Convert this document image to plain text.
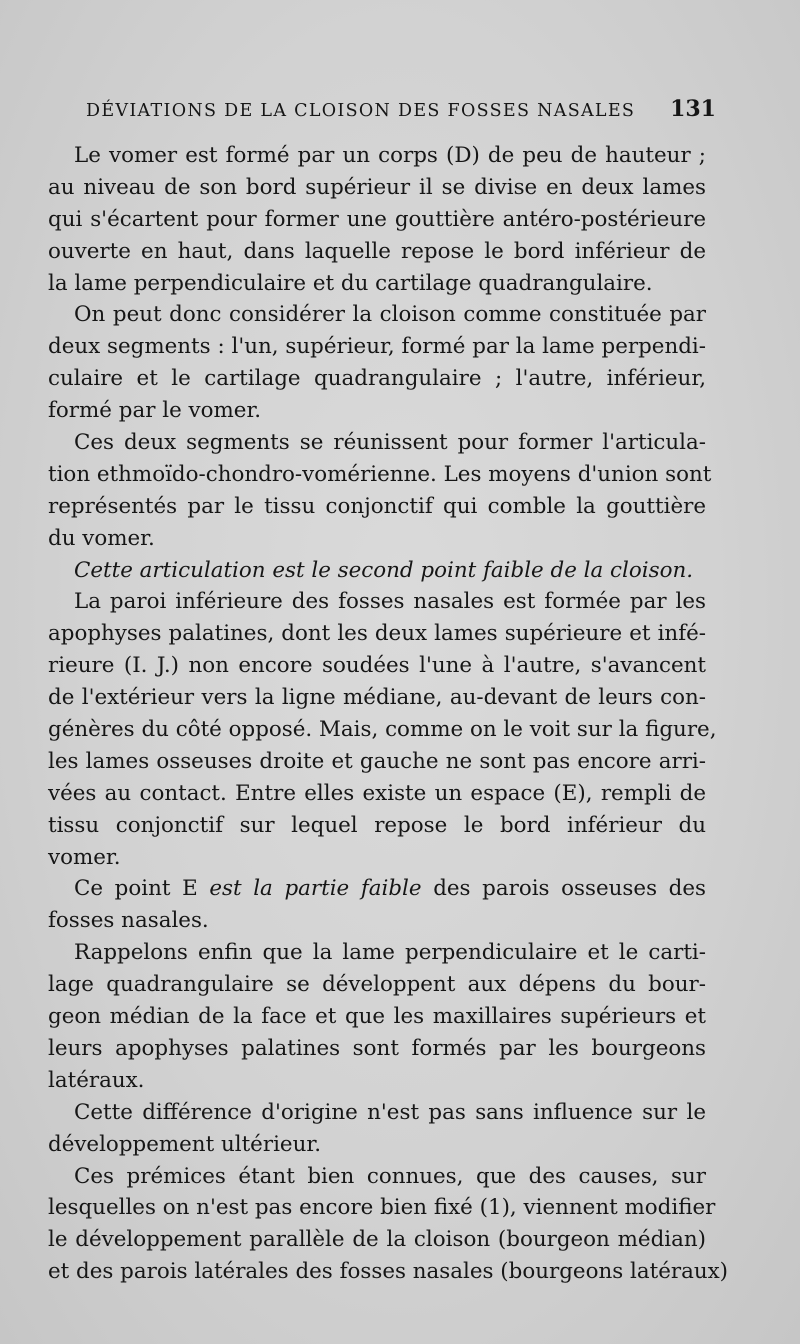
DÉVIATIONS DE LA CLOISON DES FOSSES NASALES 131
Le vomer est formé par un corps (D) de peu de hauteur ;
au niveau de son bord supérieur il se divise en deux lames
qui s'écartent pour former une gouttière antéro-postérieure
ouverte en haut, dans laquelle repose le bord inférieur de
la lame perpendiculaire et du cartilage quadrangulaire.
On peut donc considérer la cloison comme constituée par
deux segments : l'un, supérieur, formé par la lame perpendi-
culaire et le cartilage quadrangulaire ; l'autre, inférieur,
formé par le vomer.
Ces deux segments se réunissent pour former l'articula-
tion ethmoïdo-chondro-vomérienne. Les moyens d'union sont
représentés par le tissu conjonctif qui comble la gouttière
du vomer.
Cette articulation est le second point faible de la cloison.
La paroi inférieure des fosses nasales est formée par les
apophyses palatines, dont les deux lames supérieure et infé-
rieure (I. J.) non encore soudées l'une à l'autre, s'avancent
de l'extérieur vers la ligne médiane, au-devant de leurs con-
génères du côté opposé. Mais, comme on le voit sur la figure,
les lames osseuses droite et gauche ne sont pas encore arri-
vées au contact. Entre elles existe un espace (E), rempli de
tissu conjonctif sur lequel repose le bord inférieur du
vomer.
Ce point E est la partie faible des parois osseuses des
fosses nasales.
Rappelons enfin que la lame perpendiculaire et le carti-
lage quadrangulaire se développent aux dépens du bour-
geon médian de la face et que les maxillaires supérieurs et
leurs apophyses palatines sont formés par les bourgeons
latéraux.
Cette différence d'origine n'est pas sans influence sur le
développement ultérieur.
Ces prémices étant bien connues, que des causes, sur
lesquelles on n'est pas encore bien fixé (1), viennent modifier
le développement parallèle de la cloison (bourgeon médian)
et des parois latérales des fosses nasales (bourgeons latéraux)
